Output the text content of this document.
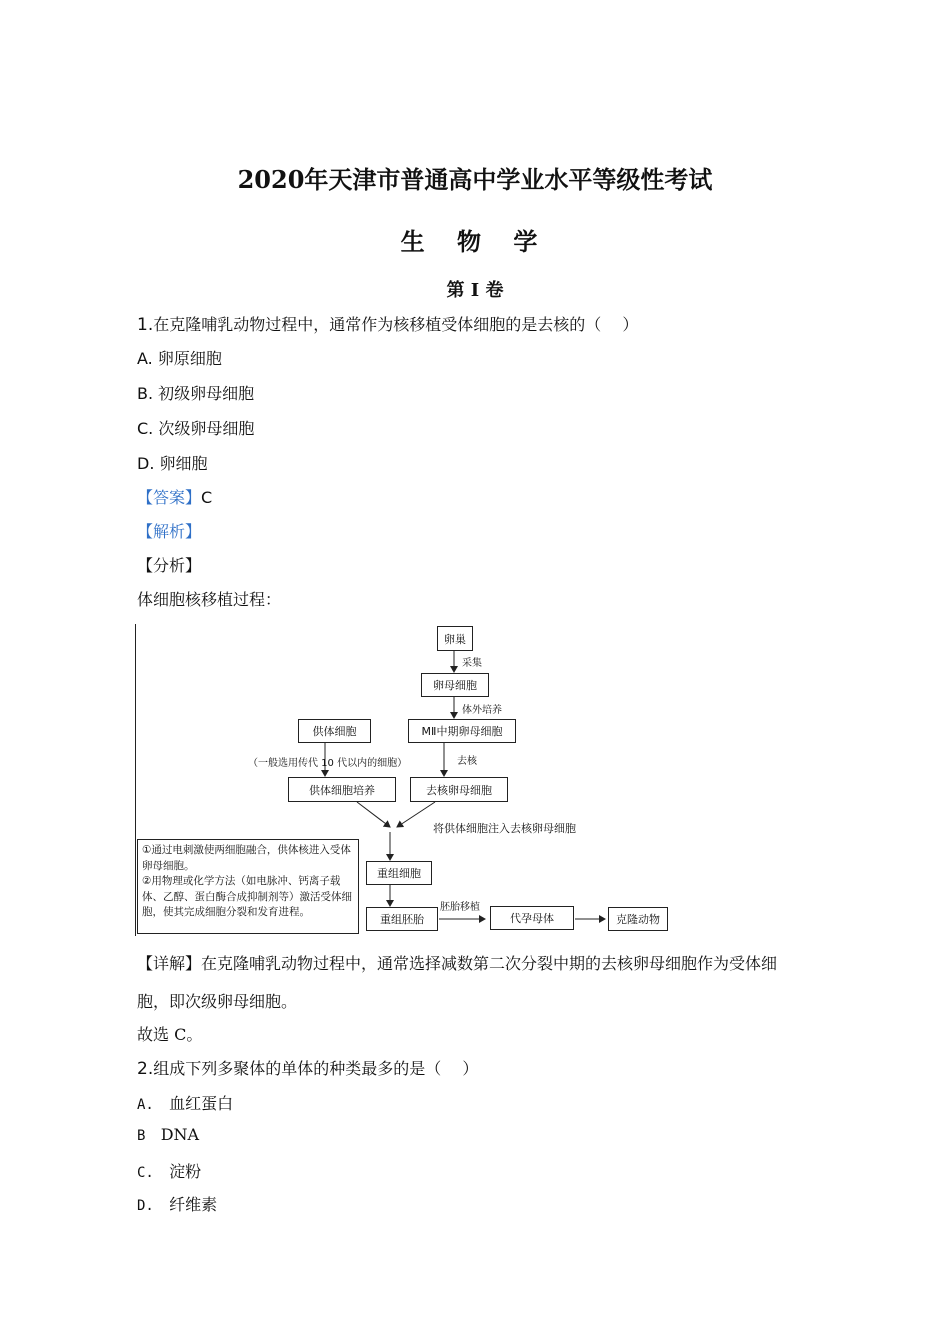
2020年天津市普通高中学业水平等级性考试
生 物 学
第 I 卷
1.在克隆哺乳动物过程中，通常作为核移植受体细胞的是去核的（　 ）
A. 卵原细胞
B. 初级卵母细胞
C. 次级卵母细胞
D. 卵细胞
【答案】C
【解析】
【分析】
体细胞核移植过程：
卵巢
采集
卵母细胞
体外培养
供体细胞	MⅡ中期卵母细胞
（一般选用传代 10 代以内的细胞）	去核
供体细胞培养	去核卵母细胞
将供体细胞注入去核卵母细胞
①通过电刺激使两细胞融合，供体核进入受体卵母细胞。
②用物理或化学方法（如电脉冲、钙离子载体、乙醇、蛋白酶合成抑制剂等）激活受体细胞，使其完成细胞分裂和发育进程。
重组细胞
胚胎移植
重组胚胎	代孕母体	克隆动物
【详解】在克隆哺乳动物过程中，通常选择减数第二次分裂中期的去核卵母细胞作为受体细
胞，即次级卵母细胞。
故选 C。
2.组成下列多聚体的单体的种类最多的是（　 ）
A. 血红蛋白
B DNA
C. 淀粉
D. 纤维素
